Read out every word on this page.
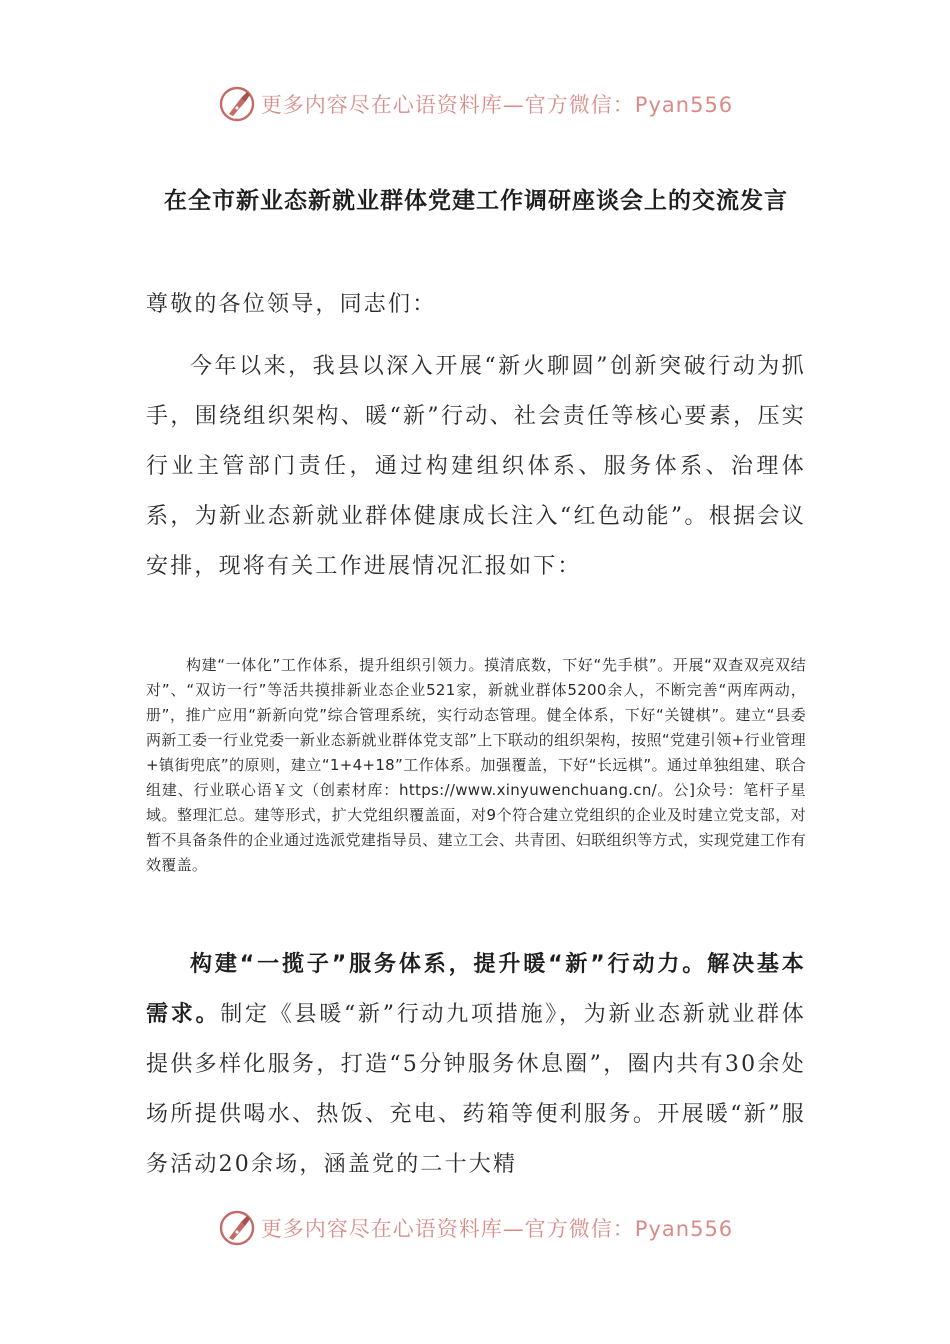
更多内容尽在心语资料库—官方微信：Pyan556
在全市新业态新就业群体党建工作调研座谈会上的交流发言

尊敬的各位领导，同志们：

今年以来，我县以深入开展“新火聊圆”创新突破行动为抓手，围绕组织架构、暖“新”行动、社会责任等核心要素，压实行业主管部门责任，通过构建组织体系、服务体系、治理体系，为新业态新就业群体健康成长注入“红色动能”。根据会议安排，现将有关工作进展情况汇报如下：

构建“一体化”工作体系，提升组织引领力。摸清底数，下好“先手棋”。开展“双查双亮双结对”、“双访一行”等活共摸排新业态企业521家，新就业群体5200余人，不断完善“两库两动，册”，推广应用“新新向党”综合管理系统，实行动态管理。健全体系，下好“关键棋”。建立“县委两新工委一行业党委一新业态新就业群体党支部”上下联动的组织架构，按照“党建引领+行业管理+镇街兜底”的原则，建立“1+4+18”工作体系。加强覆盖，下好“长远棋”。通过单独组建、联合组建、行业联心语￥文（创素材库：https://www.xinyuwenchuang.cn/。公]众号：笔杆子星域。整理汇总。建等形式，扩大党组织覆盖面，对9个符合建立党组织的企业及时建立党支部，对暂不具备条件的企业通过选派党建指导员、建立工会、共青团、妇联组织等方式，实现党建工作有效覆盖。

构建“一揽子”服务体系，提升暖“新”行动力。解决基本需求。制定《县暖“新”行动九项措施》，为新业态新就业群体提供多样化服务，打造“5分钟服务休息圈”，圈内共有30余处场所提供喝水、热饭、充电、药箱等便利服务。开展暖“新”服务活动20余场，涵盖党的二十大精

更多内容尽在心语资料库—官方微信：Pyan556
